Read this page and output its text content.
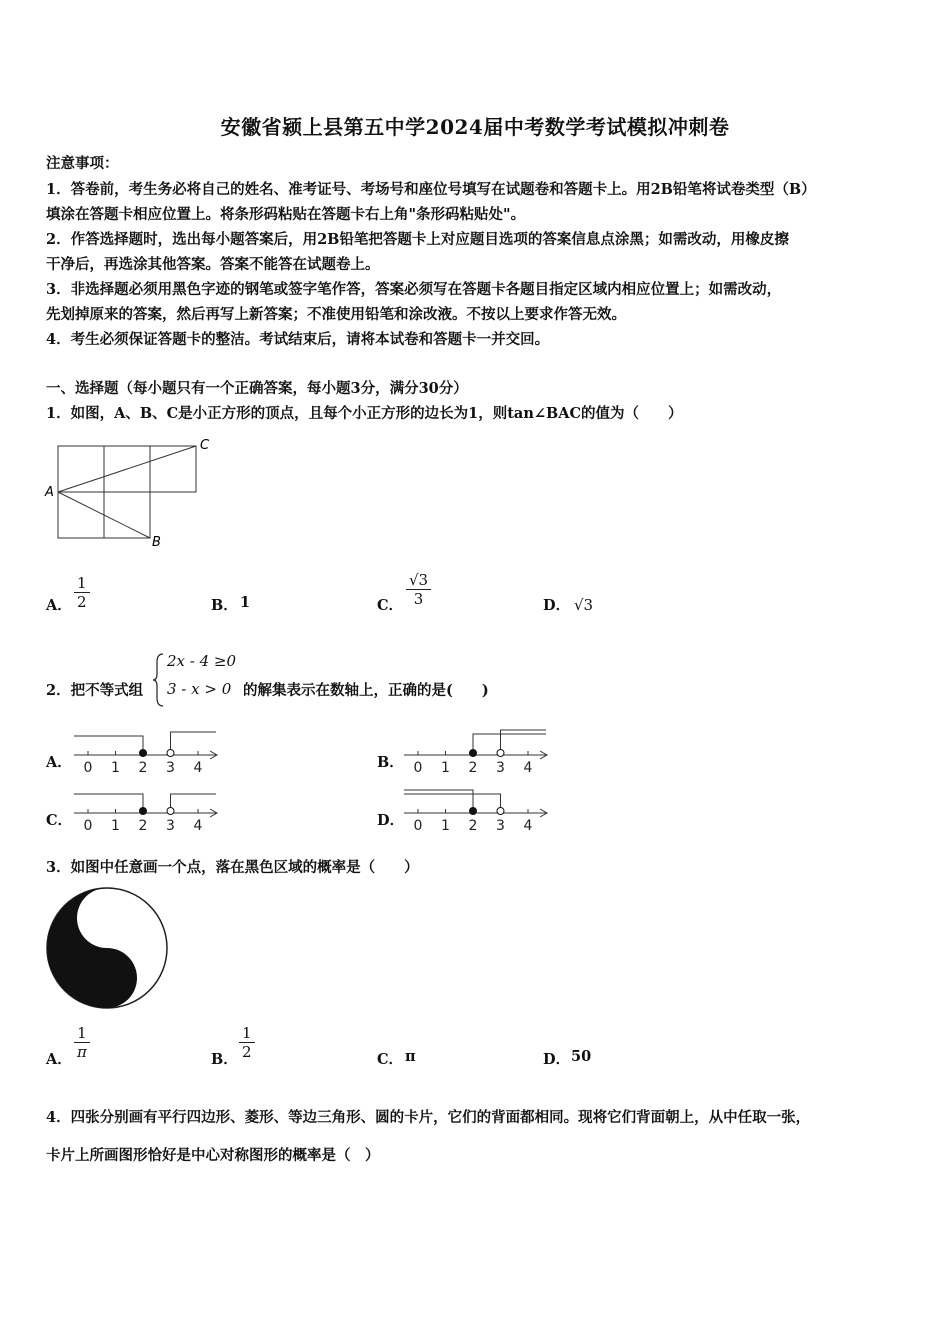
安徽省颍上县第五中学2024届中考数学考试模拟冲刺卷
注意事项：
1．答卷前，考生务必将自己的姓名、准考证号、考场号和座位号填写在试题卷和答题卡上。用2B铅笔将试卷类型（B）
填涂在答题卡相应位置上。将条形码粘贴在答题卡右上角"条形码粘贴处"。
2．作答选择题时，选出每小题答案后，用2B铅笔把答题卡上对应题目选项的答案信息点涂黑；如需改动，用橡皮擦
干净后，再选涂其他答案。答案不能答在试题卷上。
3．非选择题必须用黑色字迹的钢笔或签字笔作答，答案必须写在答题卡各题目指定区域内相应位置上；如需改动，
先划掉原来的答案，然后再写上新答案；不准使用铅笔和涂改液。不按以上要求作答无效。
4．考生必须保证答题卡的整洁。考试结束后，请将本试卷和答题卡一并交回。
一、选择题（每小题只有一个正确答案，每小题3分，满分30分）
1．如图，A、B、C是小正方形的顶点，且每个小正方形的边长为1，则tan∠BAC的值为（　　）
A
C
B
A． $\frac{1}{2}$	B． 1	C． $\frac{√3}{3}$	D． √3
2．把不等式组
2x - 4 ≥0
3 - x > 0 的解集表示在数轴上，正确的是(　　)
A． 0 1 2 3 4	B． 0 1 2 3 4
C． 0 1 2 3 4	D． 0 1 2 3 4
3．如图中任意画一个点，落在黑色区域的概率是（　　）
A． $\frac{1}{\pi}$	B． $\frac{1}{2}$	C． π	D． 50
4．四张分别画有平行四边形、菱形、等边三角形、圆的卡片，它们的背面都相同。现将它们背面朝上，从中任取一张，
卡片上所画图形恰好是中心对称图形的概率是（　）
